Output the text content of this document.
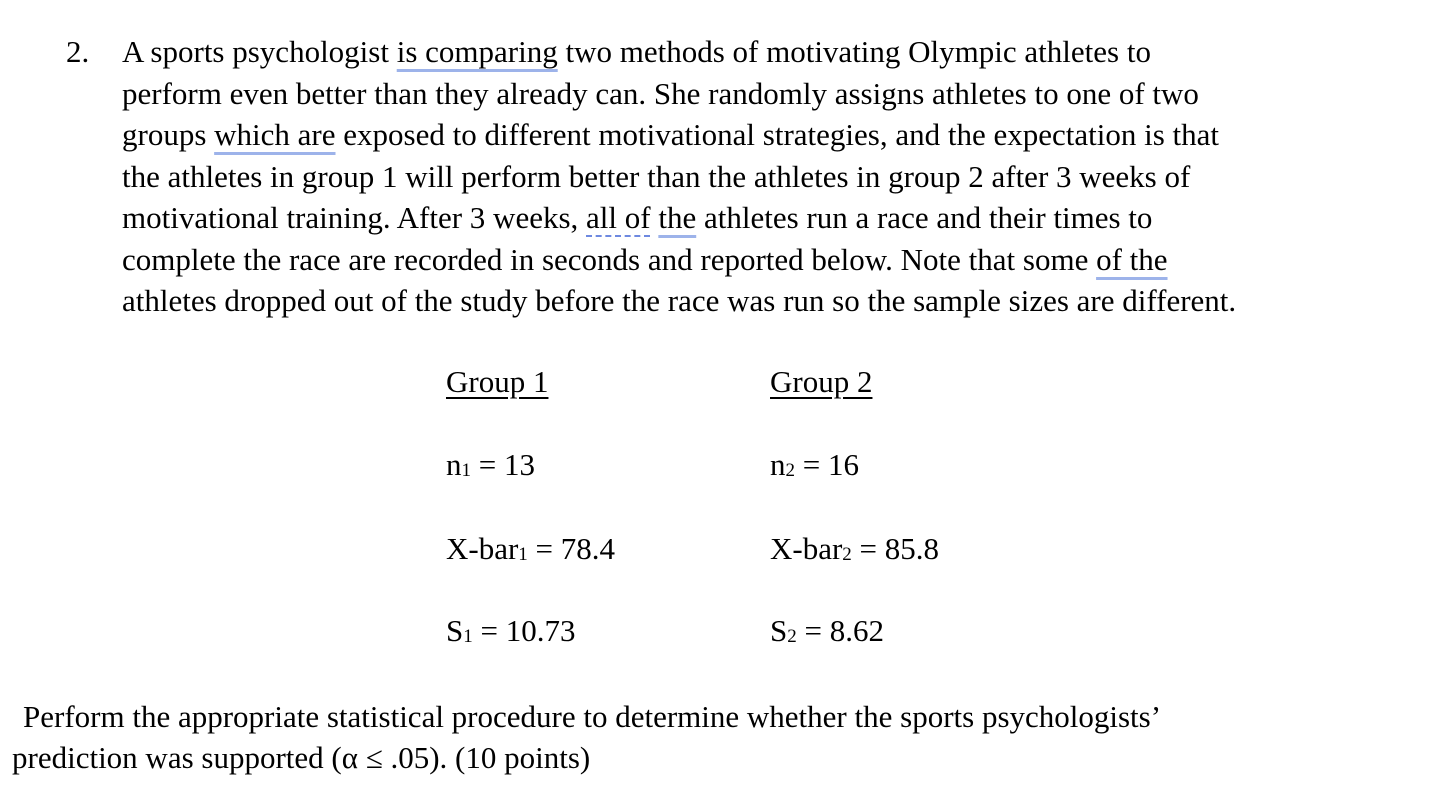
2. A sports psychologist is comparing two methods of motivating Olympic athletes to
perform even better than they already can. She randomly assigns athletes to one of two
groups which are exposed to different motivational strategies, and the expectation is that
the athletes in group 1 will perform better than the athletes in group 2 after 3 weeks of
motivational training. After 3 weeks, all of the athletes run a race and their times to
complete the race are recorded in seconds and reported below. Note that some of the
athletes dropped out of the study before the race was run so the sample sizes are different.
Group 1	Group 2
n1 = 13	n2 = 16
X-bar1 = 78.4	X-bar2 = 85.8
S1 = 10.73	S2 = 8.62
Perform the appropriate statistical procedure to determine whether the sports psychologists’
prediction was supported (α ≤ .05). (10 points)
